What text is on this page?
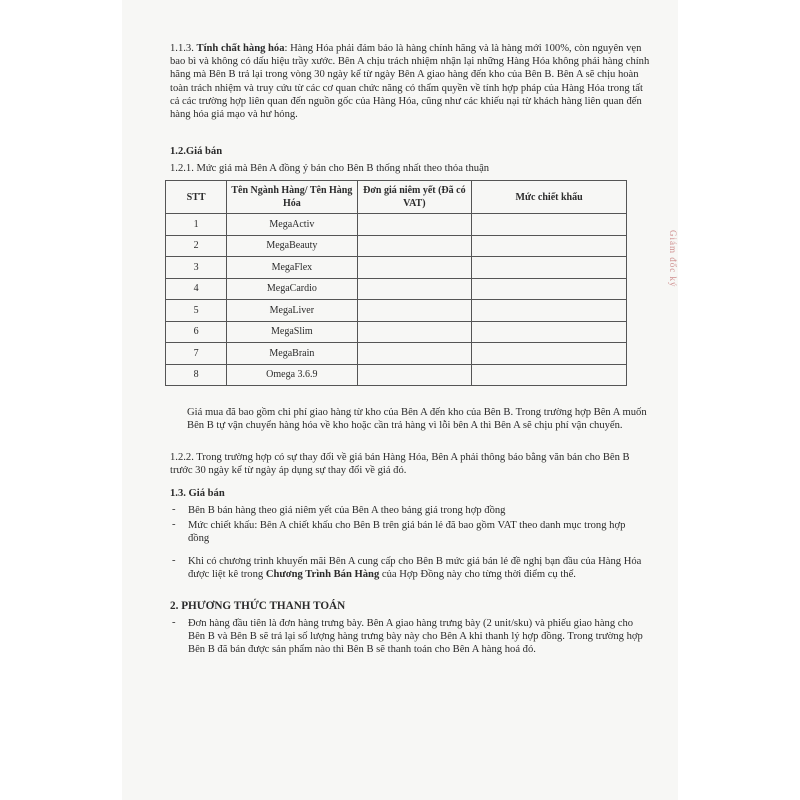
Giám đốc ký
1.1.3. Tính chất hàng hóa: Hàng Hóa phải đảm bảo là hàng chính hãng và là hàng mới 100%, còn nguyên vẹn bao bì và không có dấu hiệu trầy xước. Bên A chịu trách nhiệm nhận lại những Hàng Hóa không phải hàng chính hãng mà Bên B trả lại trong vòng 30 ngày kể từ ngày Bên A giao hàng đến kho của Bên B. Bên A sẽ chịu hoàn toàn trách nhiệm và truy cứu từ các cơ quan chức năng có thẩm quyền về tính hợp pháp của Hàng Hóa trong tất cả các trường hợp liên quan đến nguồn gốc của Hàng Hóa, cũng như các khiếu nại từ khách hàng liên quan đến hàng hóa giả mạo và hư hỏng.
1.2.Giá bán
1.2.1. Mức giá mà Bên A đồng ý bán cho Bên B thống nhất theo thỏa thuận
STT	Tên Ngành Hàng/ Tên Hàng Hóa	Đơn giá niêm yết (Đã có VAT)	Mức chiết khấu
1	MegaActiv		
2	MegaBeauty		
3	MegaFlex		
4	MegaCardio		
5	MegaLiver		
6	MegaSlim		
7	MegaBrain		
8	Omega 3.6.9		
Giá mua đã bao gồm chi phí giao hàng từ kho của Bên A đến kho của Bên B. Trong trường hợp Bên A muốn Bên B tự vận chuyển hàng hóa về kho hoặc cần trả hàng vì lỗi bên A thì Bên A sẽ chịu phí vận chuyển.
1.2.2. Trong trường hợp có sự thay đổi về giá bán Hàng Hóa, Bên A phải thông báo bằng văn bản cho Bên B trước 30 ngày kể từ ngày áp dụng sự thay đổi về giá đó.
1.3. Giá bán
- Bên B bán hàng theo giá niêm yết của Bên A theo bảng giá trong hợp đồng
- Mức chiết khấu: Bên A chiết khấu cho Bên B trên giá bán lẻ đã bao gồm VAT theo danh mục trong hợp đồng
- Khi có chương trình khuyến mãi Bên A cung cấp cho Bên B mức giá bán lẻ đề nghị bạn đầu của Hàng Hóa được liệt kê trong Chương Trình Bán Hàng của Hợp Đồng này cho từng thời điểm cụ thể.
2. PHƯƠNG THỨC THANH TOÁN
- Đơn hàng đầu tiên là đơn hàng trưng bày. Bên A giao hàng trưng bày (2 unit/sku) và phiếu giao hàng cho Bên B và Bên B sẽ trả lại số lượng hàng trưng bày này cho Bên A khi thanh lý hợp đồng. Trong trường hợp Bên B đã bán được sản phẩm nào thì Bên B sẽ thanh toán cho Bên A hàng hoá đó.
